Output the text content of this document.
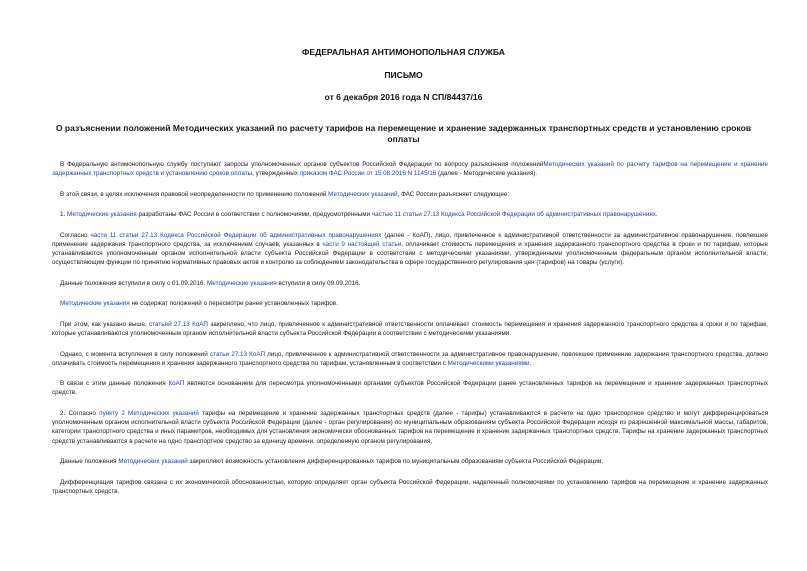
ФЕДЕРАЛЬНАЯ АНТИМОНОПОЛЬНАЯ СЛУЖБА
ПИСЬМО
от 6 декабря 2016 года N СП/84437/16
О разъяснении положений Методических указаний по расчету тарифов на перемещение и хранение задержанных транспортных средств и установлению сроков оплаты

В Федеральную антимонопольную службу поступают запросы уполномоченных органов субъектов Российской Федерации по вопросу разъяснения положенийМетодических указаний по расчету тарифов на перемещение и хранение задержанных транспортных средств и установлению сроков оплаты, утвержденных приказом ФАС России от 15.08.2016 N 1145/16 (далее - Методические указания).

В этой связи, в целях исключения правовой неопределенности по применению положений Методических указаний, ФАС России разъясняет следующее:

1. Методические указания разработаны ФАС России в соответствии с полномочиями, предусмотренными частью 11 статьи 27.13 Кодекса Российской Федерации об административных правонарушениях.

Согласно части 11 статьи 27.13 Кодекса Российской Федерации об административных правонарушениях (далее - КоАП), лицо, привлеченное к административной ответственности за административное правонарушение, повлекшее применение задержания транспортного средства, за исключением случаев, указанных в части 9 настоящей статьи, оплачивает стоимость перемещения и хранения задержанного транспортного средства в сроки и по тарифам, которые устанавливаются уполномоченным органом исполнительной власти субъекта Российской Федерации в соответствии с методическими указаниями, утвержденными уполномоченным федеральным органом исполнительной власти, осуществляющим функции по принятию нормативных правовых актов и контролю за соблюдением законодательства в сфере государственного регулирования цен (тарифов) на товары (услуги).

Данные положения вступили в силу с 01.09.2016. Методические указания вступили в силу 09.09.2016.

Методические указания не содержат положений о пересмотре ранее установленных тарифов.

При этом, как указано выше, статьей 27.13 КоАП закреплено, что лицо, привлеченное к административной ответственности оплачивает стоимость перемещения и хранения задержанного транспортного средства в сроки и по тарифам, которые устанавливаются уполномоченным органом исполнительной власти субъекта Российской Федерации в соответствии с методическими указаниями.

Однако, с момента вступления в силу положений статьи 27.13 КоАП лицо, привлеченное к административной ответственности за административное правонарушение, повлекшее применение задержания транспортного средства, должно оплачивать стоимость перемещения и хранения задержанного транспортного средства по тарифам, установленным в соответствии с Методическими указаниями.

В связи с этим данные положения КоАП являются основанием для пересмотра уполномоченными органами субъектов Российской Федерации ранее установленных тарифов на перемещение и хранение задержанных транспортных средств.

2. Согласно пункту 2 Методических указаний тарифы на перемещение и хранение задержанных транспортных средств (далее - тарифы) устанавливаются в расчете на одно транспортное средство и могут дифференцироваться уполномоченным органом исполнительной власти субъекта Российской Федерации (далее - орган регулирования) по муниципальным образованиям субъекта Российской Федерации исходя из разрешенной максимальной массы, габаритов, категории транспортного средства и иных параметров, необходимых для установления экономически обоснованных тарифов на перемещение и хранение задержанных транспортных средств. Тарифы на хранение задержанных транспортных средств устанавливаются в расчете на одно транспортное средство за единицу времени, определенную органом регулирования.

Данные положения Методических указаний закрепляют возможность установления дифференцированных тарифов по муниципальным образованиям субъекта Российской Федерации.

Дифференциация тарифов связана с их экономической обоснованностью, которую определяет орган субъекта Российской Федерации, наделенный полномочиями по установлению тарифов на перемещение и хранение задержанных транспортных средств.
